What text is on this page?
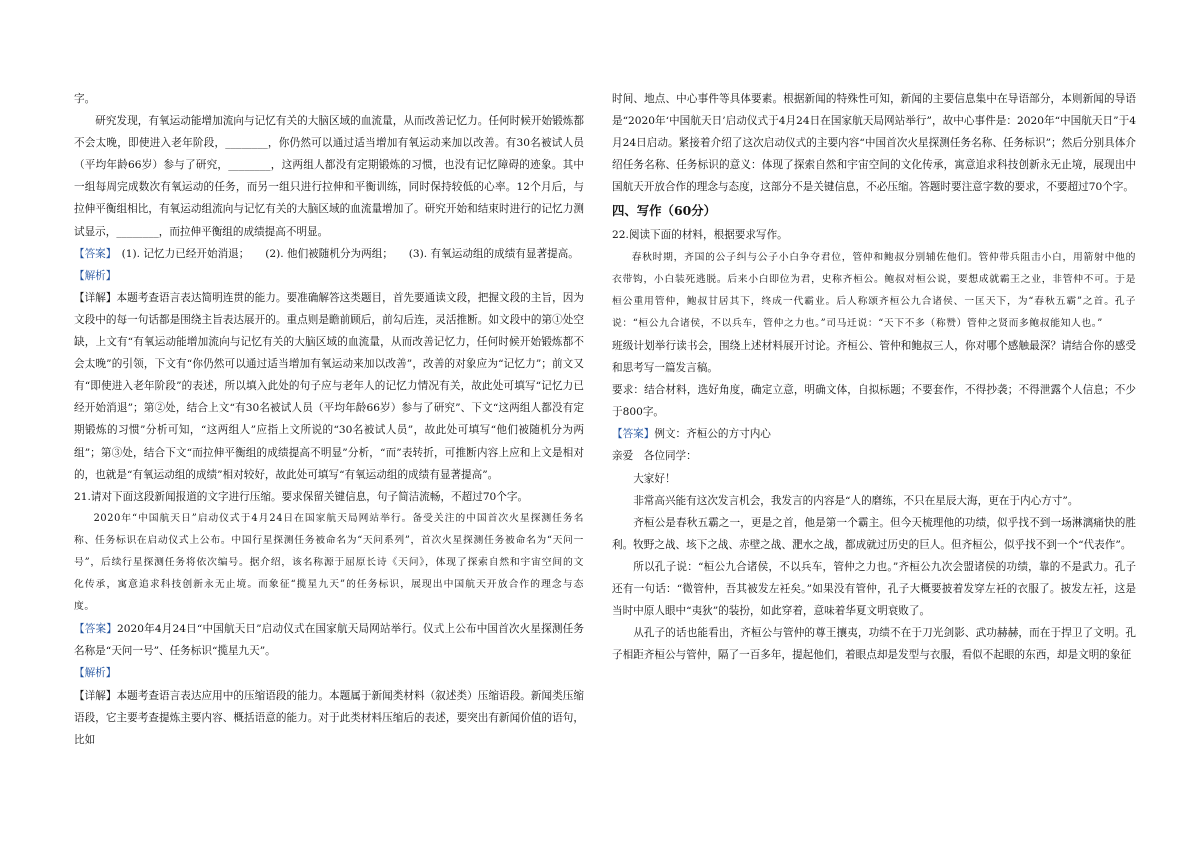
字。

研究发现，有氧运动能增加流向与记忆有关的大脑区域的血流量，从而改善记忆力。任何时候开始锻炼都不会太晚，即使进入老年阶段，________，你仍然可以通过适当增加有氧运动来加以改善。有30名被试人员（平均年龄66岁）参与了研究，________，这两组人都没有定期锻炼的习惯，也没有记忆障碍的迹象。其中一组每周完成数次有氧运动的任务，而另一组只进行拉伸和平衡训练，同时保持较低的心率。12个月后，与拉伸平衡组相比，有氧运动组流向与记忆有关的大脑区域的血流量增加了。研究开始和结束时进行的记忆力测试显示，________，而拉伸平衡组的成绩提高不明显。

【答案】　 (1). 记忆力已经开始消退；　　(2). 他们被随机分为两组；　　(3). 有氧运动组的成绩有显著提高。

【解析】

【详解】本题考查语言表达简明连贯的能力。要准确解答这类题目，首先要通读文段，把握文段的主旨，因为文段中的每一句话都是围绕主旨表达展开的。重点则是瞻前顾后，前勾后连，灵活推断。如文段中的第①处空缺，上文有“有氧运动能增加流向与记忆有关的大脑区域的血流量，从而改善记忆力，任何时候开始锻炼都不会太晚”的引领，下文有“你仍然可以通过适当增加有氧运动来加以改善”，改善的对象应为“记忆力”；前文又有“即使进入老年阶段”的表述，所以填入此处的句子应与老年人的记忆力情况有关，故此处可填写“记忆力已经开始消退”；第②处，结合上文“有30名被试人员（平均年龄66岁）参与了研究”、下文“这两组人都没有定期锻炼的习惯”分析可知，“这两组人”应指上文所说的“30名被试人员”，故此处可填写“他们被随机分为两组”；第③处，结合下文“而拉伸平衡组的成绩提高不明显”分析，“而”表转折，可推断内容上应和上文是相对的，也就是“有氧运动组的成绩”相对较好，故此处可填写“有氧运动组的成绩有显著提高”。

21.请对下面这段新闻报道的文字进行压缩。要求保留关键信息，句子简洁流畅，不超过70个字。

2020年“中国航天日”启动仪式于4月24日在国家航天局网站举行。备受关注的中国首次火星探测任务名称、任务标识在启动仪式上公布。中国行星探测任务被命名为“天问系列”，首次火星探测任务被命名为“天问一号”，后续行星探测任务将依次编号。据介绍，该名称源于屈原长诗《天问》，体现了探索自然和宇宙空间的文化传承，寓意追求科技创新永无止境。而象征“揽星九天”的任务标识，展现出中国航天开放合作的理念与态度。

【答案】2020年4月24日“中国航天日”启动仪式在国家航天局网站举行。仪式上公布中国首次火星探测任务名称是“天问一号”、任务标识“揽星九天”。

【解析】

【详解】本题考查语言表达应用中的压缩语段的能力。本题属于新闻类材料（叙述类）压缩语段。新闻类压缩语段，它主要考查提炼主要内容、概括语意的能力。对于此类材料压缩后的表述，要突出有新闻价值的语句，比如

时间、地点、中心事件等具体要素。根据新闻的特殊性可知，新闻的主要信息集中在导语部分，本则新闻的导语是“2020年‘中国航天日’启动仪式于4月24日在国家航天局网站举行”，故中心事件是：2020年“中国航天日”于4月24日启动。紧接着介绍了这次启动仪式的主要内容“中国首次火星探测任务名称、任务标识”；然后分别具体介绍任务名称、任务标识的意义：体现了探索自然和宇宙空间的文化传承，寓意追求科技创新永无止境，展现出中国航天开放合作的理念与态度，这部分不是关键信息，不必压缩。答题时要注意字数的要求，不要超过70个字。

四、写作（60分）

22.阅读下面的材料，根据要求写作。

春秋时期，齐国的公子纠与公子小白争夺君位，管仲和鲍叔分别辅佐他们。管仲带兵阻击小白，用箭射中他的衣带钩，小白装死逃脱。后来小白即位为君，史称齐桓公。鲍叔对桓公说，要想成就霸王之业，非管仲不可。于是桓公重用管仲，鲍叔甘居其下，终成一代霸业。后人称颂齐桓公九合诸侯、一匡天下，为“春秋五霸”之首。孔子说：“桓公九合诸侯，不以兵车，管仲之力也。”司马迁说：“天下不多（称赞）管仲之贤而多鲍叔能知人也。”

班级计划举行读书会，围绕上述材料展开讨论。齐桓公、管仲和鲍叔三人，你对哪个感触最深？请结合你的感受和思考写一篇发言稿。

要求：结合材料，选好角度，确定立意，明确文体，自拟标题；不要套作，不得抄袭；不得泄露个人信息；不少于800字。

【答案】例文：齐桓公的方寸内心

亲爱　各位同学：

大家好！

非常高兴能有这次发言机会，我发言的内容是“人的磨练，不只在星辰大海，更在于内心方寸”。

齐桓公是春秋五霸之一，更是之首，他是第一个霸主。但今天梳理他的功绩，似乎找不到一场淋漓痛快的胜利。牧野之战、垓下之战、赤壁之战、淝水之战，都成就过历史的巨人。但齐桓公，似乎找不到一个“代表作”。

所以孔子说：“桓公九合诸侯，不以兵车，管仲之力也。”齐桓公九次会盟诸侯的功绩，靠的不是武力。孔子还有一句话：“微管仲，吾其被发左衽矣。”如果没有管仲，孔子大概要披着发穿左衽的衣服了。披发左衽，这是当时中原人眼中“夷狄”的装扮，如此穿着，意味着华夏文明衰败了。

从孔子的话也能看出，齐桓公与管仲的尊王攘夷，功绩不在于刀光剑影、武功赫赫，而在于捍卫了文明。孔子相距齐桓公与管仲，隔了一百多年，提起他们，着眼点却是发型与衣服，看似不起眼的东西，却是文明的象征
